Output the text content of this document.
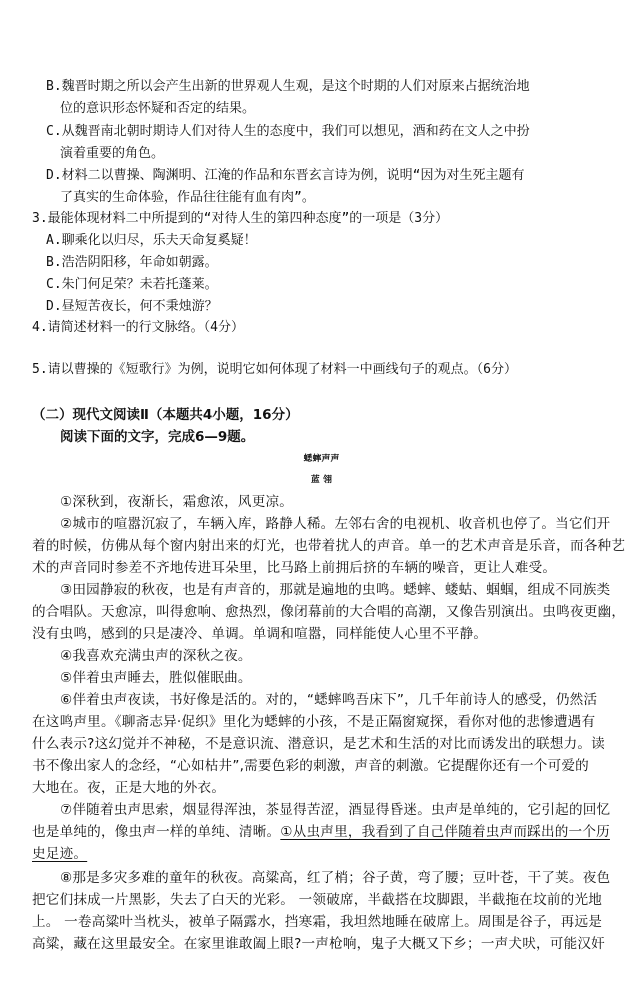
B.魏晋时期之所以会产生出新的世界观人生观，是这个时期的人们对原来占据统治地
位的意识形态怀疑和否定的结果。
C.从魏晋南北朝时期诗人们对待人生的态度中，我们可以想见，酒和药在文人之中扮
演着重要的角色。
D.材料二以曹操、陶渊明、江淹的作品和东晋玄言诗为例，说明“因为对生死主题有
了真实的生命体验，作品往往能有血有肉”。
3.最能体现材料二中所提到的“对待人生的第四种态度”的一项是（3分）
A.聊乘化以归尽，乐夫天命复奚疑！
B.浩浩阴阳移，年命如朝露。
C.朱门何足荣？未若托蓬莱。
D.昼短苦夜长，何不秉烛游？
4.请简述材料一的行文脉络。（4分）
5.请以曹操的《短歌行》为例，说明它如何体现了材料一中画线句子的观点。（6分）
（二）现代文阅读Ⅱ（本题共4小题，16分）
阅读下面的文字，完成6—9题。
蟋蟀声声
蓝 翎
①深秋到，夜渐长，霜愈浓，风更凉。
②城市的喧嚣沉寂了，车辆入库，路静人稀。左邻右舍的电视机、收音机也停了。当它们开
着的时候，仿佛从每个窗内射出来的灯光，也带着扰人的声音。单一的艺术声音是乐音，而各种艺
术的声音同时参差不齐地传进耳朵里，比马路上前拥后挤的车辆的噪音，更让人难受。
③田园静寂的秋夜，也是有声音的，那就是遍地的虫鸣。蟋蟀、蝼蛄、蝈蝈，组成不同族类
的合唱队。天愈凉，叫得愈响、愈热烈，像闭幕前的大合唱的高潮，又像告别演出。虫鸣夜更幽，
没有虫鸣，感到的只是凄冷、单调。单调和喧嚣，同样能使人心里不平静。
④我喜欢充满虫声的深秋之夜。
⑤伴着虫声睡去，胜似催眠曲。
⑥伴着虫声夜读，书好像是活的。对的，“蟋蟀鸣吾床下”，几千年前诗人的感受，仍然活
在这鸣声里。《聊斋志异·促织》里化为蟋蟀的小孩，不是正隔窗窥探，看你对他的悲惨遭遇有
什么表示?这幻觉并不神秘，不是意识流、潜意识，是艺术和生活的对比而诱发出的联想力。读
书不像出家人的念经，“心如枯井”,需要色彩的刺激，声音的刺激。它提醒你还有一个可爱的
大地在。夜，正是大地的外衣。
⑦伴随着虫声思索，烟显得浑浊，茶显得苦涩，酒显得昏迷。虫声是单纯的，它引起的回忆
也是单纯的，像虫声一样的单纯、清晰。①从虫声里，我看到了自己伴随着虫声而踩出的一个历
史足迹。
⑧那是多灾多难的童年的秋夜。高粱高，红了梢；谷子黄，弯了腰；豆叶苍，干了荚。夜色
把它们抹成一片黑影，失去了白天的光彩。 一领破席，半截搭在坟脚跟，半截拖在坟前的光地
上。 一卷高粱叶当枕头，被单子隔露水，挡寒霜，我坦然地睡在破席上。周围是谷子，再远是
高粱，藏在这里最安全。在家里谁敢阖上眼?一声枪响，鬼子大概又下乡；一声犬吠，可能汉奸
